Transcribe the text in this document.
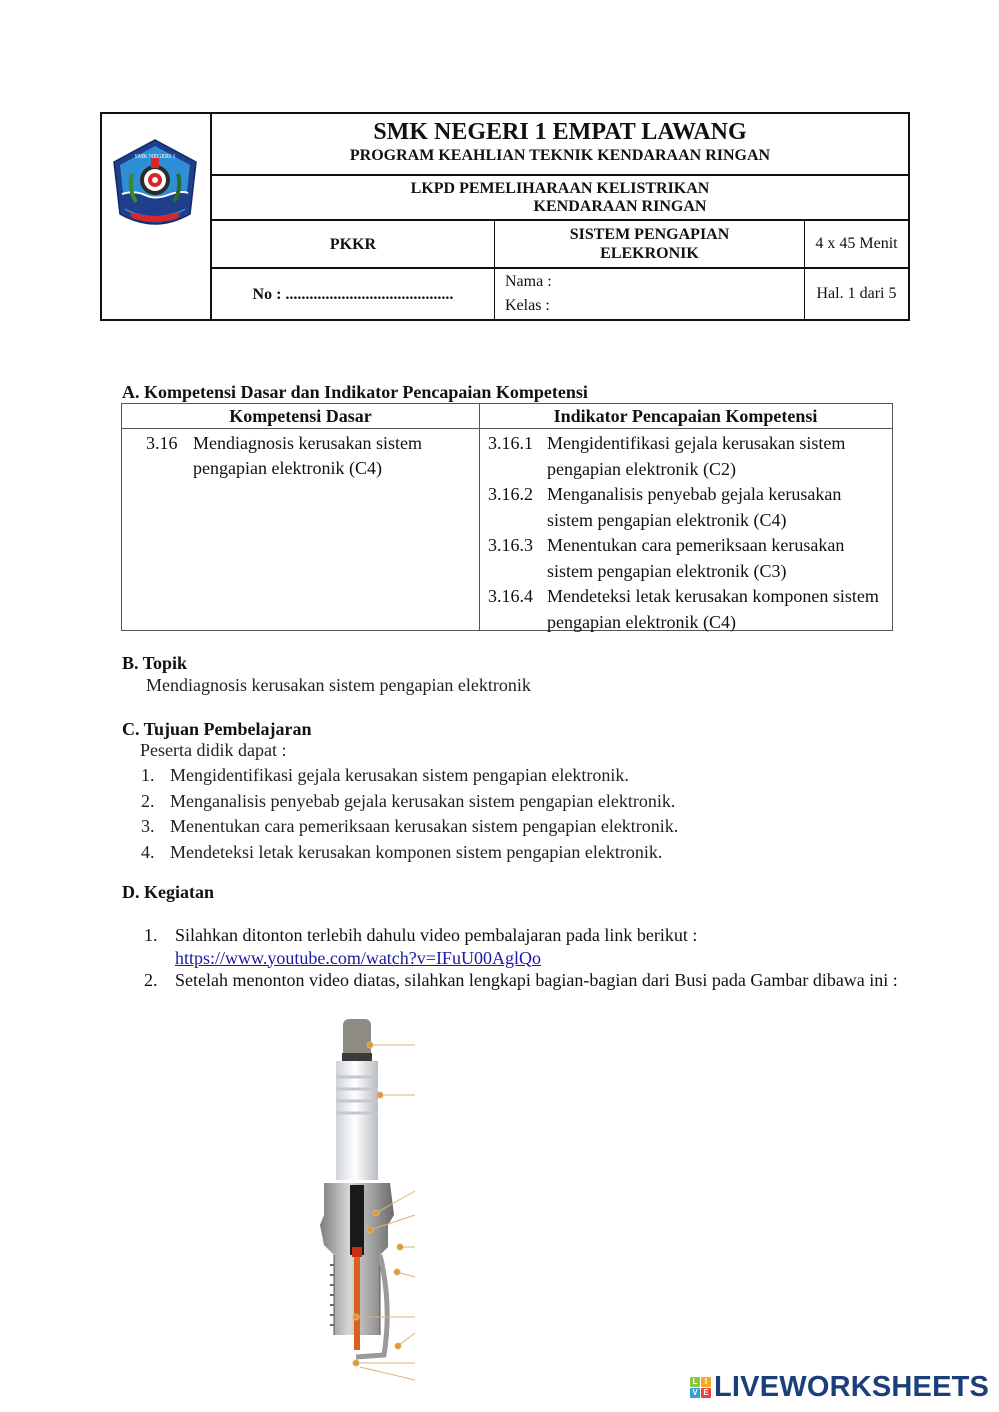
SMK NEGERI 1
SMK NEGERI 1 EMPAT LAWANG
PROGRAM KEAHLIAN TEKNIK KENDARAAN RINGAN
LKPD PEMELIHARAAN KELISTRIKAN
KENDARAAN RINGAN
PKKR
SISTEM PENGAPIAN
ELEKRONIK
4 x 45 Menit
No : ..........................................
Nama :
Kelas :
Hal. 1 dari 5
A. Kompetensi Dasar dan Indikator Pencapaian Kompetensi
Kompetensi Dasar	Indikator Pencapaian Kompetensi
3.16 Mendiagnosis kerusakan sistem pengapian elektronik (C4)
3.16.1 Mengidentifikasi gejala kerusakan sistem pengapian elektronik (C2)
3.16.2 Menganalisis penyebab gejala kerusakan sistem pengapian elektronik (C4)
3.16.3 Menentukan cara pemeriksaan kerusakan sistem pengapian elektronik (C3)
3.16.4 Mendeteksi letak kerusakan komponen sistem pengapian elektronik (C4)
B. Topik
Mendiagnosis kerusakan sistem pengapian elektronik
C. Tujuan Pembelajaran
Peserta didik dapat :
1. Mengidentifikasi gejala kerusakan sistem pengapian elektronik.
2. Menganalisis penyebab gejala kerusakan sistem pengapian elektronik.
3. Menentukan cara pemeriksaan kerusakan sistem pengapian elektronik.
4. Mendeteksi letak kerusakan komponen sistem pengapian elektronik.
D. Kegiatan
1. Silahkan ditonton terlebih dahulu video pembalajaran pada link berikut :
https://www.youtube.com/watch?v=IFuU00AglQo
2. Setelah menonton video diatas, silahkan lengkapi bagian-bagian dari Busi pada Gambar dibawa ini :
L I
V E LIVEWORKSHEETS
